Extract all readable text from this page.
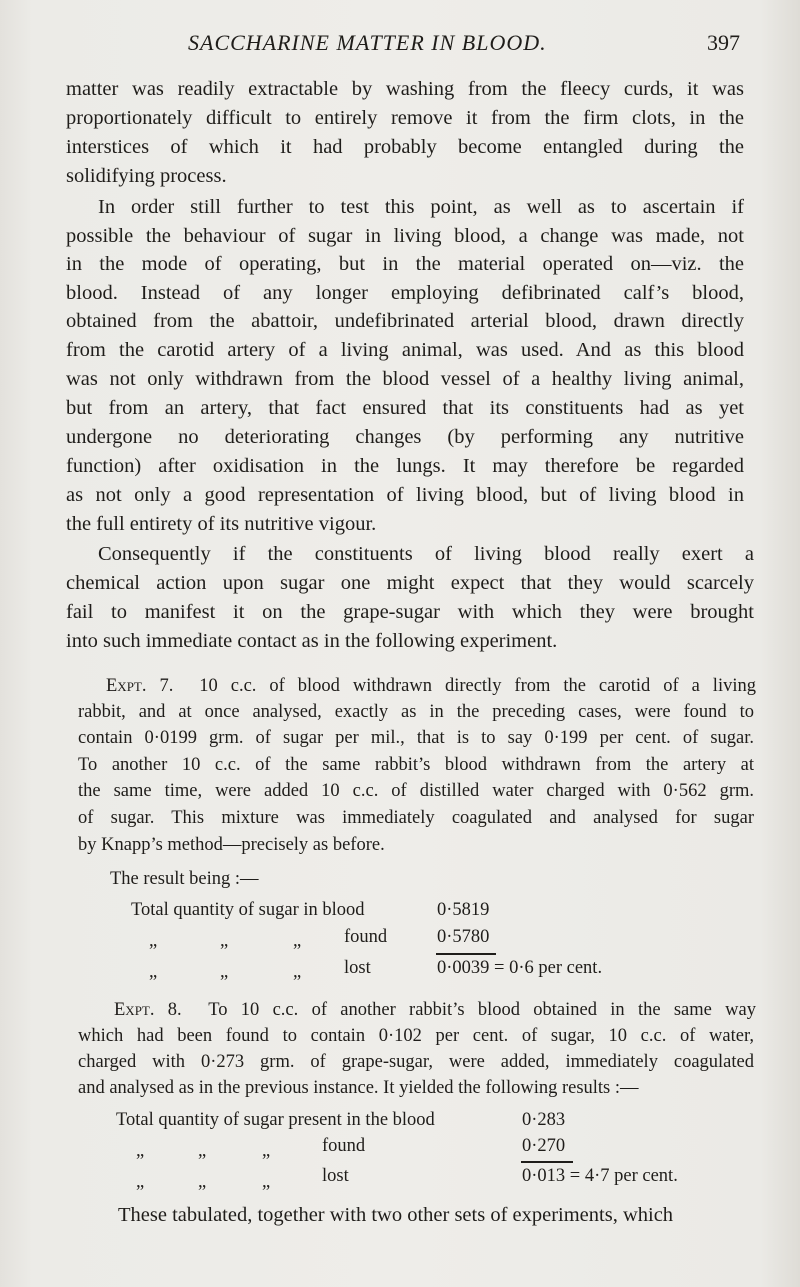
SACCHARINE MATTER IN BLOOD.	397
matter was readily extractable by washing from the fleecy curds, it was
proportionately difficult to entirely remove it from the firm clots, in the
interstices of which it had probably become entangled during the
solidifying process.
In order still further to test this point, as well as to ascertain if
possible the behaviour of sugar in living blood, a change was made, not
in the mode of operating, but in the material operated on—viz. the
blood. Instead of any longer employing defibrinated calf’s blood,
obtained from the abattoir, undefibrinated arterial blood, drawn directly
from the carotid artery of a living animal, was used. And as this blood
was not only withdrawn from the blood vessel of a healthy living animal,
but from an artery, that fact ensured that its constituents had as yet
undergone no deteriorating changes (by performing any nutritive
function) after oxidisation in the lungs. It may therefore be regarded
as not only a good representation of living blood, but of living blood in
the full entirety of its nutritive vigour.
Consequently if the constituents of living blood really exert a
chemical action upon sugar one might expect that they would scarcely
fail to manifest it on the grape-sugar with which they were brought
into such immediate contact as in the following experiment.
Expt. 7. 10 c.c. of blood withdrawn directly from the carotid of a living
rabbit, and at once analysed, exactly as in the preceding cases, were found to
contain 0·0199 grm. of sugar per mil., that is to say 0·199 per cent. of sugar.
To another 10 c.c. of the same rabbit’s blood withdrawn from the artery at
the same time, were added 10 c.c. of distilled water charged with 0·562 grm.
of sugar. This mixture was immediately coagulated and analysed for sugar
by Knapp’s method—precisely as before.
The result being :—
Total quantity of sugar in blood	0·5819
„	„	„ found	0·5780
„	„	„ lost	0·0039 = 0·6 per cent.
Expt. 8. To 10 c.c. of another rabbit’s blood obtained in the same way
which had been found to contain 0·102 per cent. of sugar, 10 c.c. of water,
charged with 0·273 grm. of grape-sugar, were added, immediately coagulated
and analysed as in the previous instance. It yielded the following results :—
Total quantity of sugar present in the blood	0·283
„	„	„	found	0·270
„	„	„	lost	0·013 = 4·7 per cent.
These tabulated, together with two other sets of experiments, which
